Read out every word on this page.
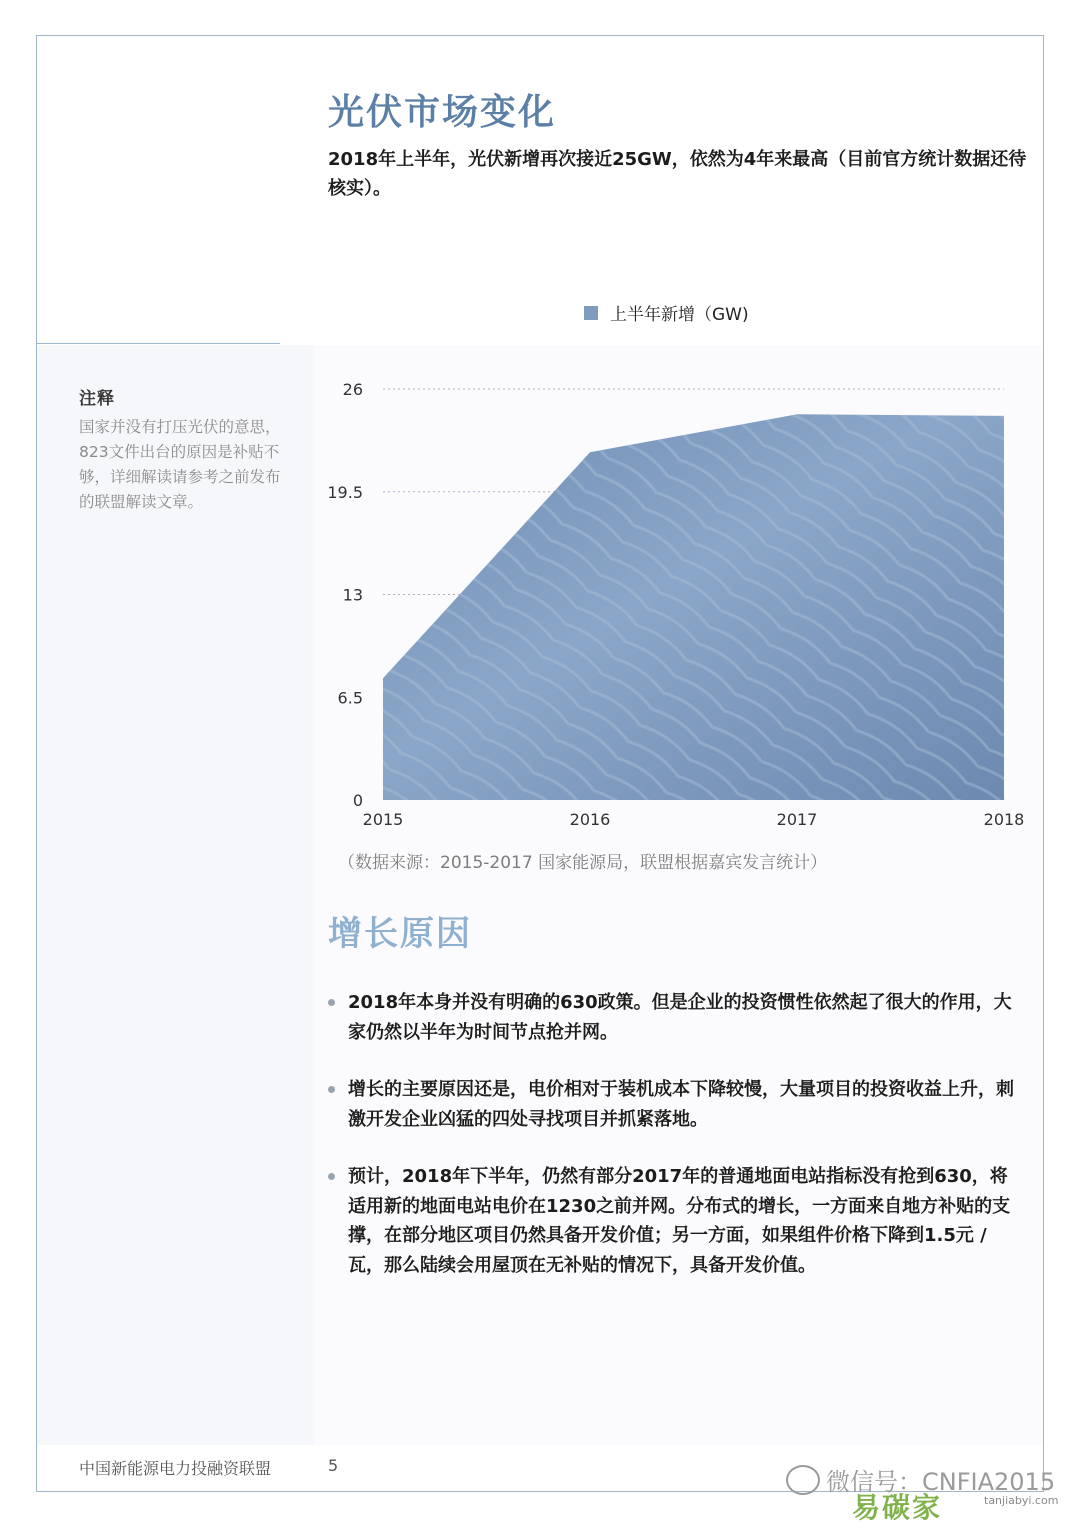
光伏市场变化

2018年上半年，光伏新增再次接近25GW，依然为4年来最高（目前官方统计数据还待核实）。

注释

国家并没有打压光伏的意思，823文件出台的原因是补贴不够，详细解读请参考之前发布的联盟解读文章。

上半年新增（GW)
0
6.5
13
19.5
26
2015	2016	2017	2018

（数据来源：2015-2017 国家能源局，联盟根据嘉宾发言统计）

增长原因
2018年本身并没有明确的630政策。但是企业的投资惯性依然起了很大的作用，大家仍然以半年为时间节点抢并网。
增长的主要原因还是，电价相对于装机成本下降较慢，大量项目的投资收益上升，刺激开发企业凶猛的四处寻找项目并抓紧落地。
预计，2018年下半年，仍然有部分2017年的普通地面电站指标没有抢到630，将适用新的地面电站电价在1230之前并网。分布式的增长，一方面来自地方补贴的支撑，在部分地区项目仍然具备开发价值；另一方面，如果组件价格下降到1.5元 / 瓦，那么陆续会用屋顶在无补贴的情况下，具备开发价值。

中国新能源电力投融资联盟	5

微信号：CNFIA2015
易碳家	tanjiabyi.com
